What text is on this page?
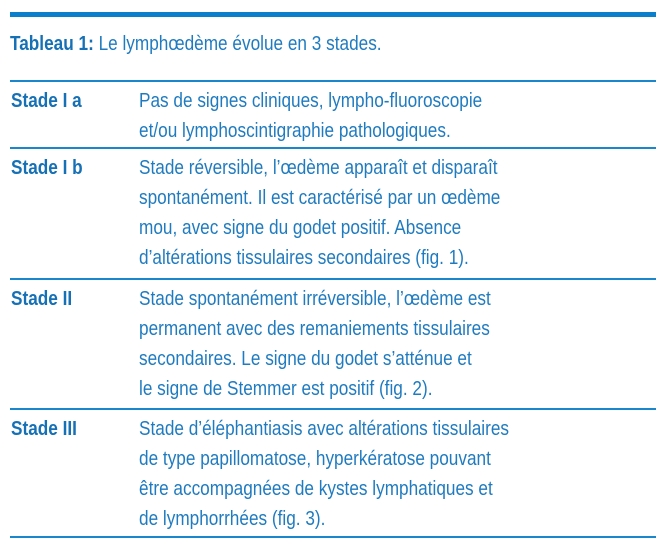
Tableau 1: Le lymphœdème évolue en 3 stades.
Stade I a	Pas de signes cliniques, lympho-fluoroscopie
et/ou lymphoscintigraphie pathologiques.
Stade I b	Stade réversible, l’œdème apparaît et disparaît
spontanément. Il est caractérisé par un œdème
mou, avec signe du godet positif. Absence
d’altérations tissulaires secondaires (fig. 1).
Stade II	Stade spontanément irréversible, l’œdème est
permanent avec des remaniements tissulaires
secondaires. Le signe du godet s’atténue et
le signe de Stemmer est positif (fig. 2).
Stade III	Stade d’éléphantiasis avec altérations tissulaires
de type papillomatose, hyperkératose pouvant
être accompagnées de kystes lymphatiques et
de lymphorrhées (fig. 3).
